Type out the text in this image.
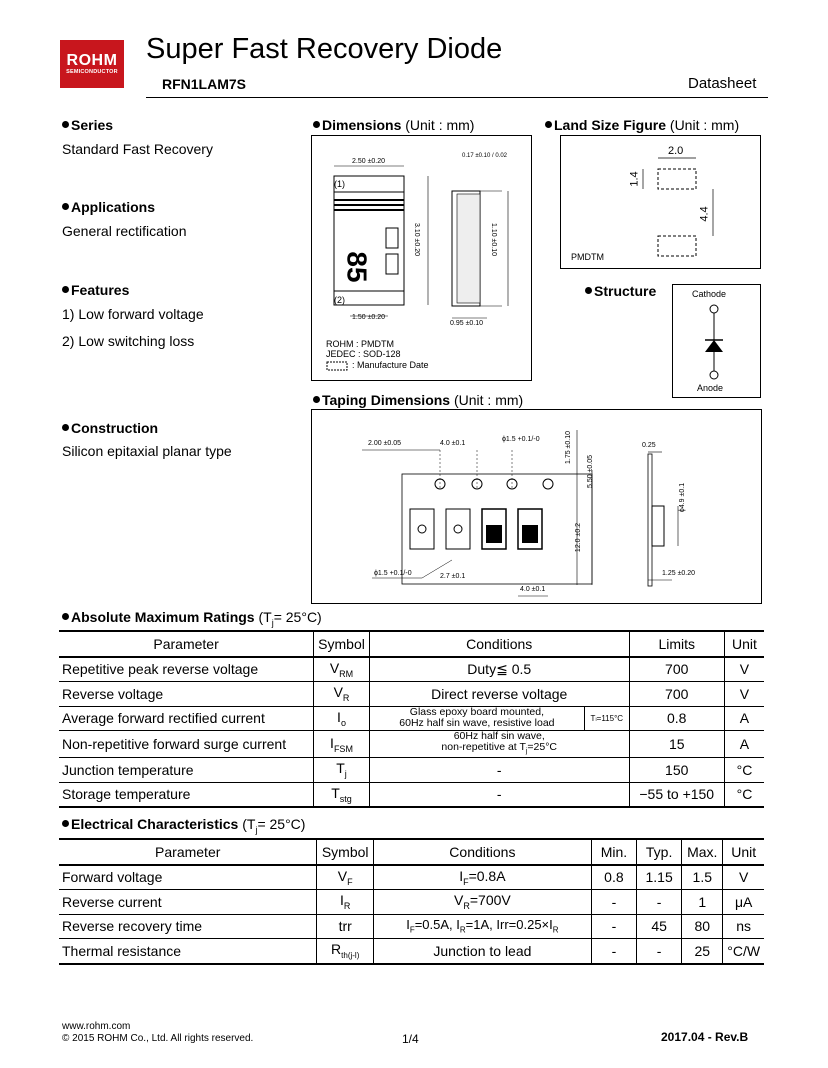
ROHM
SEMICONDUCTOR
Super Fast Recovery Diode
RFN1LAM7S	Datasheet
Series
Standard Fast Recovery
Applications
General rectification
Features
1) Low forward voltage
2) Low switching loss
Construction
Silicon epitaxial planar type
Dimensions (Unit : mm)
2.50 ±0.20
0.17 ±0.10 / 0.02
(1)
(2)
85
3.10 ±0.20	1.10 ±0.10
1.50 ±0.20
0.95 ±0.10
ROHM : PMDTM
JEDEC : SOD-128
: Manufacture Date
Land Size Figure (Unit : mm)
2.0
1.4
4.4
PMDTM
Structure	Cathode
Anode
Taping Dimensions (Unit : mm)
2.00 ±0.05	4.0 ±0.1
ϕ1.5 +0.1/-0	1.75 ±0.10
5.50 ±0.05
12.0 ±0.2
0.25
ϕ4.9 ±0.1
ϕ1.5 +0.1/-0	2.7 ±0.1
4.0 ±0.1
1.25 ±0.20
Absolute Maximum Ratings $(T_j= 25^\circ C)$
Parameter	Symbol	Conditions		Limits	Unit
Repetitive peak reverse voltage	$V_{RM}$	Duty≦ 0.5		700	V
Reverse voltage	$V_R$	Direct reverse voltage		700	V
Average forward rectified current	$I_o$	Glass epoxy board mounted,
60Hz half sin wave, resistive load	Tₗ=115°C	0.8	A
Non-repetitive forward surge current	$I_{FSM}$	60Hz half sin wave,
non-repetitive at $T_j=25^\circ C$		15	A
Junction temperature	$T_j$	-		150	°C
Storage temperature	$T_{stg}$	-		−55 to +150	°C
Electrical Characteristics $(T_j= 25^\circ C)$
Parameter	Symbol	Conditions	Min.	Typ.	Max.	Unit
Forward voltage	$V_F$	$I_F=0.8A$	0.8	1.15	1.5	V
Reverse current	$I_R$	$V_R=700V$	-	-	1	μA
Reverse recovery time	trr	$I_F=0.5A$, $I_R=1A$, $Irr=0.25\times I_R$	-	45	80	ns
Thermal resistance	$R_{th(j-l)}$	Junction to lead	-	-	25	°C/W
www.rohm.com
© 2015 ROHM Co., Ltd. All rights reserved.	1/4	2017.04 - Rev.B
